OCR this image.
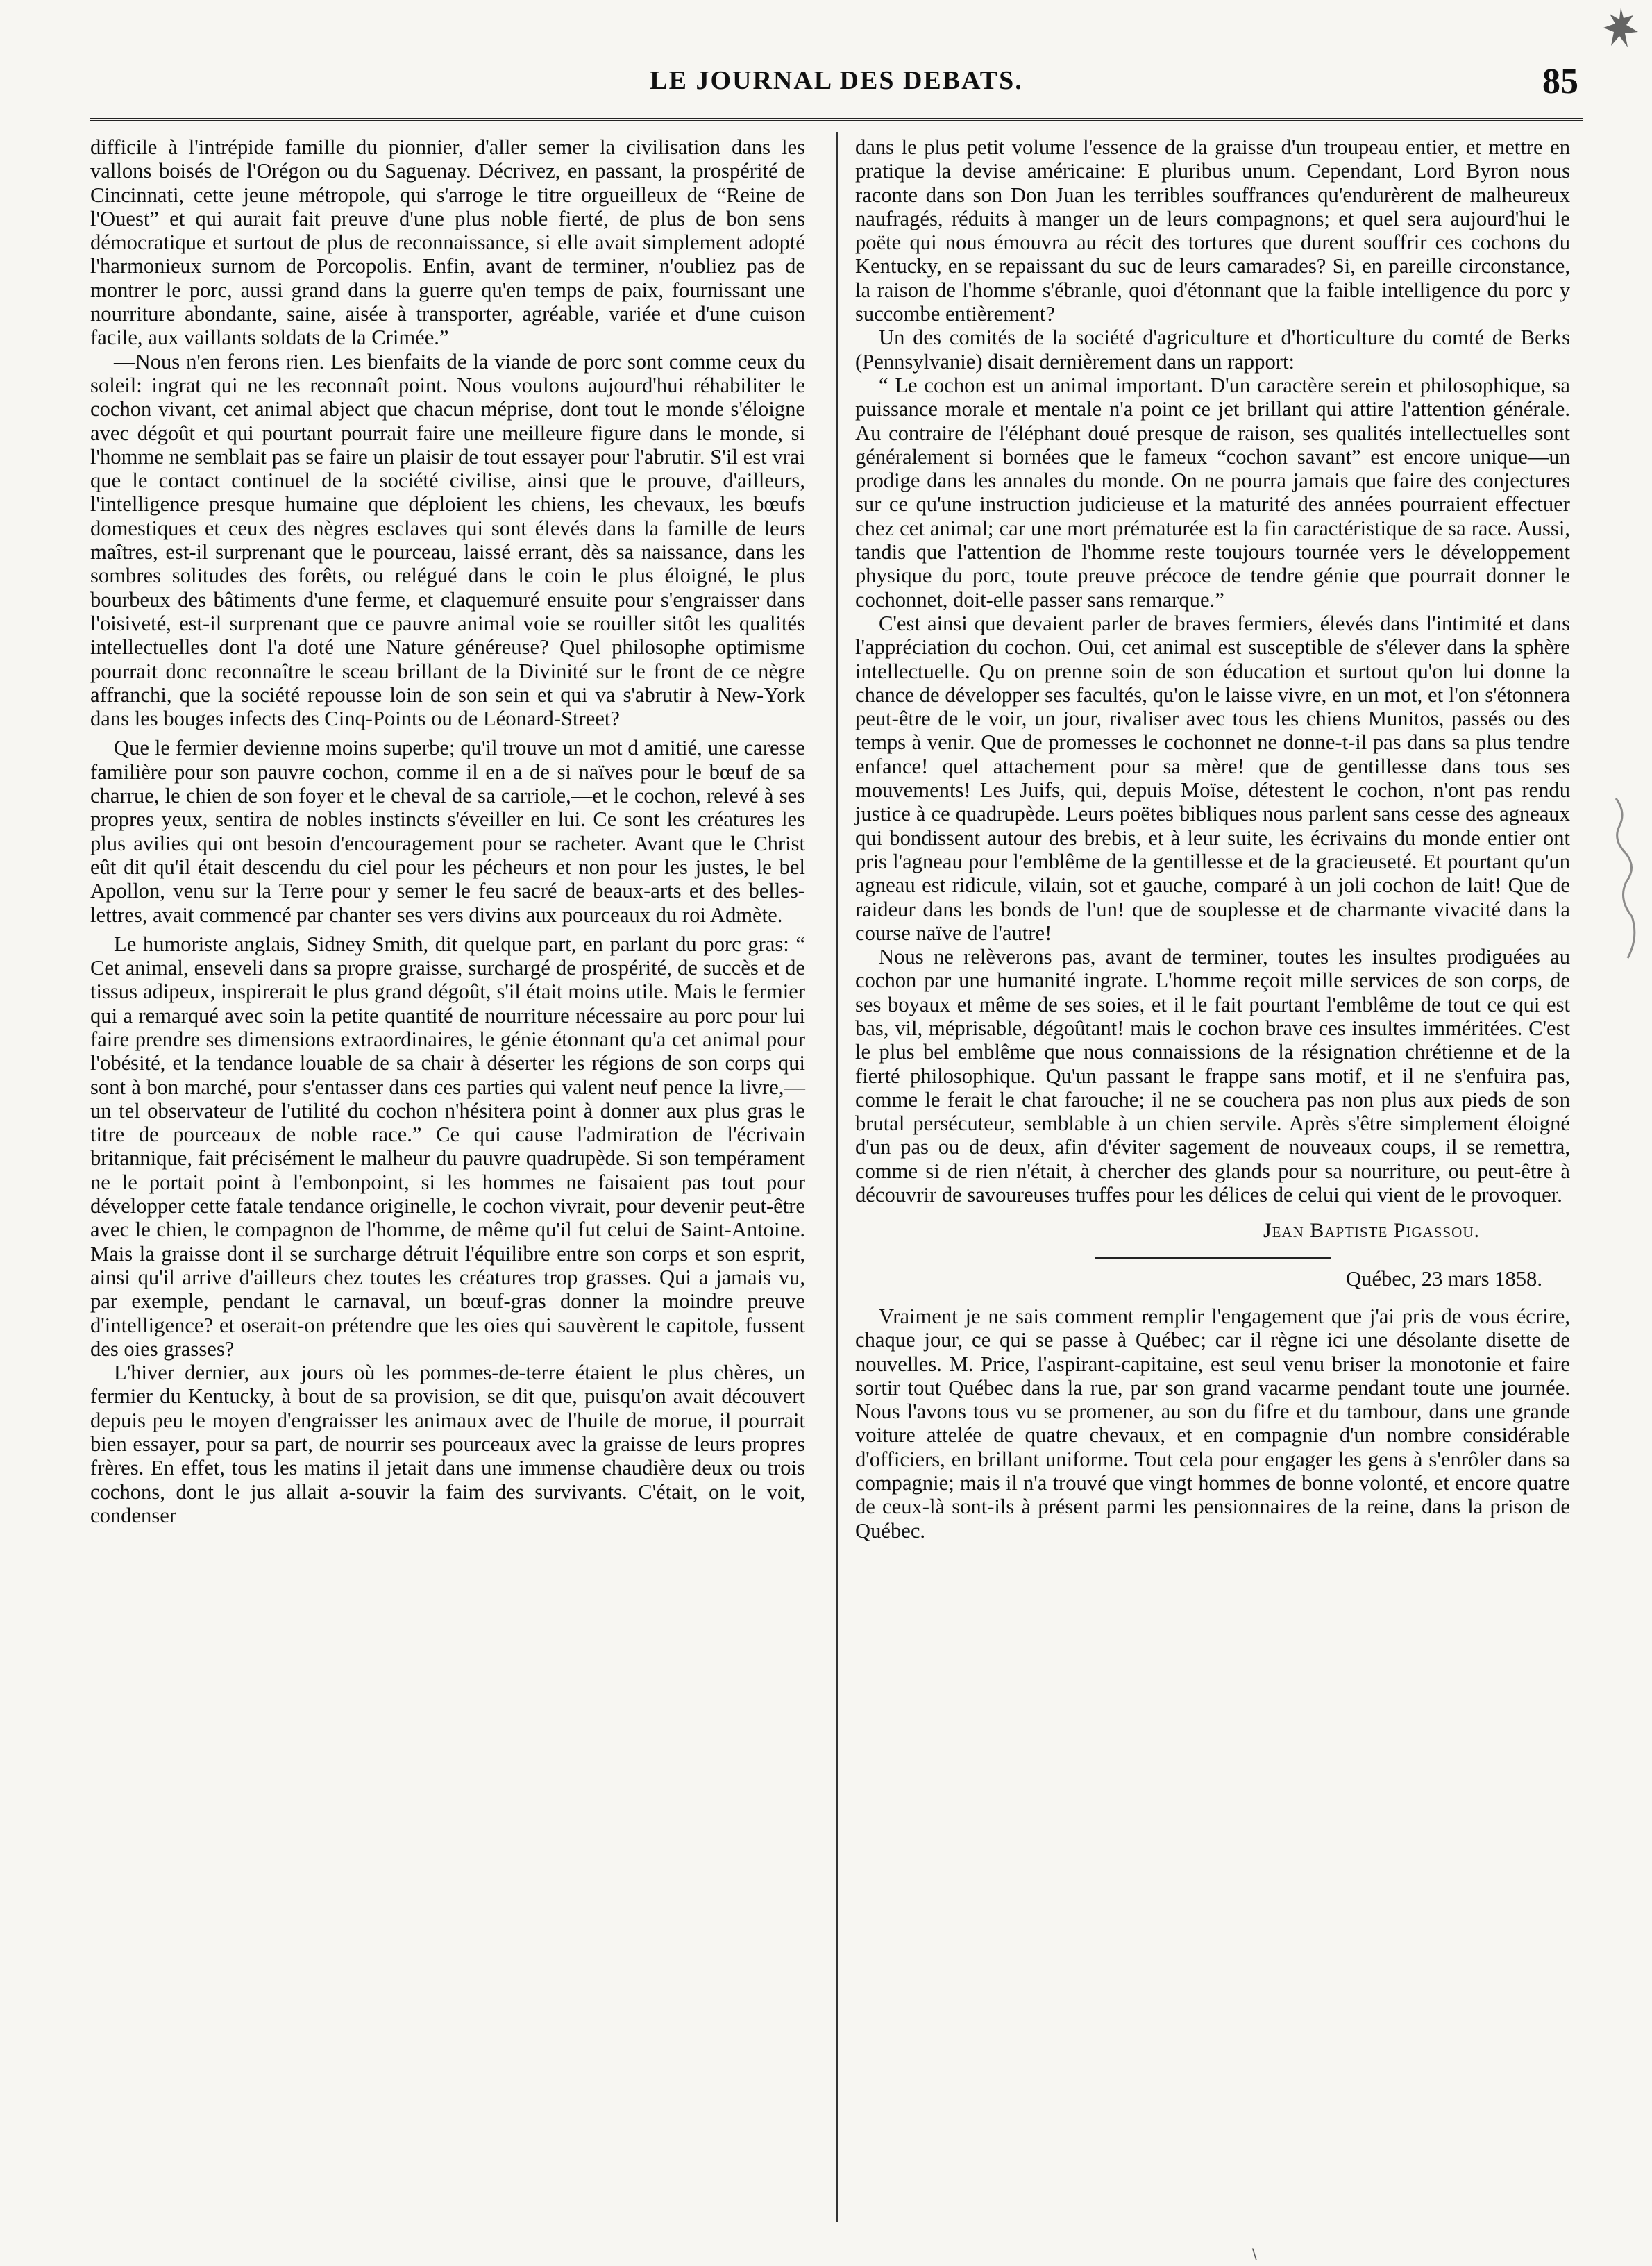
LE JOURNAL DES DEBATS.	85

difficile à l'intrépide famille du pionnier, d'aller semer la civilisation dans les vallons boisés de l'Orégon ou du Saguenay. Décrivez, en passant, la prospérité de Cincinnati, cette jeune métropole, qui s'arroge le titre orgueilleux de “Reine de l'Ouest” et qui aurait fait preuve d'une plus noble fierté, de plus de bon sens démocratique et surtout de plus de reconnaissance, si elle avait simplement adopté l'harmonieux surnom de Porcopolis. Enfin, avant de terminer, n'oubliez pas de montrer le porc, aussi grand dans la guerre qu'en temps de paix, fournissant une nourriture abondante, saine, aisée à transporter, agréable, variée et d'une cuison facile, aux vaillants soldats de la Crimée.”

—Nous n'en ferons rien. Les bienfaits de la viande de porc sont comme ceux du soleil: ingrat qui ne les reconnaît point. Nous voulons aujourd'hui réhabiliter le cochon vivant, cet animal abject que chacun méprise, dont tout le monde s'éloigne avec dégoût et qui pourtant pourrait faire une meilleure figure dans le monde, si l'homme ne semblait pas se faire un plaisir de tout essayer pour l'abrutir. S'il est vrai que le contact continuel de la société civilise, ainsi que le prouve, d'ailleurs, l'intelligence presque humaine que déploient les chiens, les chevaux, les bœufs domestiques et ceux des nègres esclaves qui sont élevés dans la famille de leurs maîtres, est-il surprenant que le pourceau, laissé errant, dès sa naissance, dans les sombres solitudes des forêts, ou relégué dans le coin le plus éloigné, le plus bourbeux des bâtiments d'une ferme, et claquemuré ensuite pour s'engraisser dans l'oisiveté, est-il surprenant que ce pauvre animal voie se rouiller sitôt les qualités intellectuelles dont l'a doté une Nature généreuse? Quel philosophe optimisme pourrait donc reconnaître le sceau brillant de la Divinité sur le front de ce nègre affranchi, que la société repousse loin de son sein et qui va s'abrutir à New-York dans les bouges infects des Cinq-Points ou de Léonard-Street?

Que le fermier devienne moins superbe; qu'il trouve un mot d amitié, une caresse familière pour son pauvre cochon, comme il en a de si naïves pour le bœuf de sa charrue, le chien de son foyer et le cheval de sa carriole,—et le cochon, relevé à ses propres yeux, sentira de nobles instincts s'éveiller en lui. Ce sont les créatures les plus avilies qui ont besoin d'encouragement pour se racheter. Avant que le Christ eût dit qu'il était descendu du ciel pour les pécheurs et non pour les justes, le bel Apollon, venu sur la Terre pour y semer le feu sacré de beaux-arts et des belles-lettres, avait commencé par chanter ses vers divins aux pourceaux du roi Admète.

Le humoriste anglais, Sidney Smith, dit quelque part, en parlant du porc gras: “ Cet animal, enseveli dans sa propre graisse, surchargé de prospérité, de succès et de tissus adipeux, inspirerait le plus grand dégoût, s'il était moins utile. Mais le fermier qui a remarqué avec soin la petite quantité de nourriture nécessaire au porc pour lui faire prendre ses dimensions extraordinaires, le génie étonnant qu'a cet animal pour l'obésité, et la tendance louable de sa chair à déserter les régions de son corps qui sont à bon marché, pour s'entasser dans ces parties qui valent neuf pence la livre,—un tel observateur de l'utilité du cochon n'hésitera point à donner aux plus gras le titre de pourceaux de noble race.” Ce qui cause l'admiration de l'écrivain britannique, fait précisément le malheur du pauvre quadrupède. Si son tempérament ne le portait point à l'embonpoint, si les hommes ne faisaient pas tout pour développer cette fatale tendance originelle, le cochon vivrait, pour devenir peut-être avec le chien, le compagnon de l'homme, de même qu'il fut celui de Saint-Antoine. Mais la graisse dont il se surcharge détruit l'équilibre entre son corps et son esprit, ainsi qu'il arrive d'ailleurs chez toutes les créatures trop grasses. Qui a jamais vu, par exemple, pendant le carnaval, un bœuf-gras donner la moindre preuve d'intelligence? et oserait-on prétendre que les oies qui sauvèrent le capitole, fussent des oies grasses?

L'hiver dernier, aux jours où les pommes-de-terre étaient le plus chères, un fermier du Kentucky, à bout de sa provision, se dit que, puisqu'on avait découvert depuis peu le moyen d'engraisser les animaux avec de l'huile de morue, il pourrait bien essayer, pour sa part, de nourrir ses pourceaux avec la graisse de leurs propres frères. En effet, tous les matins il jetait dans une immense chaudière deux ou trois cochons, dont le jus allait a-souvir la faim des survivants. C'était, on le voit, condenser

dans le plus petit volume l'essence de la graisse d'un troupeau entier, et mettre en pratique la devise américaine: E pluribus unum. Cependant, Lord Byron nous raconte dans son Don Juan les terribles souffrances qu'endurèrent de malheureux naufragés, réduits à manger un de leurs compagnons; et quel sera aujourd'hui le poëte qui nous émouvra au récit des tortures que durent souffrir ces cochons du Kentucky, en se repaissant du suc de leurs camarades? Si, en pareille circonstance, la raison de l'homme s'ébranle, quoi d'étonnant que la faible intelligence du porc y succombe entièrement?

Un des comités de la société d'agriculture et d'horticulture du comté de Berks (Pennsylvanie) disait dernièrement dans un rapport:

“ Le cochon est un animal important. D'un caractère serein et philosophique, sa puissance morale et mentale n'a point ce jet brillant qui attire l'attention générale. Au contraire de l'éléphant doué presque de raison, ses qualités intellectuelles sont généralement si bornées que le fameux “cochon savant” est encore unique—un prodige dans les annales du monde. On ne pourra jamais que faire des conjectures sur ce qu'une instruction judicieuse et la maturité des années pourraient effectuer chez cet animal; car une mort prématurée est la fin caractéristique de sa race. Aussi, tandis que l'attention de l'homme reste toujours tournée vers le développement physique du porc, toute preuve précoce de tendre génie que pourrait donner le cochonnet, doit-elle passer sans remarque.”

C'est ainsi que devaient parler de braves fermiers, élevés dans l'intimité et dans l'appréciation du cochon. Oui, cet animal est susceptible de s'élever dans la sphère intellectuelle. Qu on prenne soin de son éducation et surtout qu'on lui donne la chance de développer ses facultés, qu'on le laisse vivre, en un mot, et l'on s'étonnera peut-être de le voir, un jour, rivaliser avec tous les chiens Munitos, passés ou des temps à venir. Que de promesses le cochonnet ne donne-t-il pas dans sa plus tendre enfance! quel attachement pour sa mère! que de gentillesse dans tous ses mouvements! Les Juifs, qui, depuis Moïse, détestent le cochon, n'ont pas rendu justice à ce quadrupède. Leurs poëtes bibliques nous parlent sans cesse des agneaux qui bondissent autour des brebis, et à leur suite, les écrivains du monde entier ont pris l'agneau pour l'emblême de la gentillesse et de la gracieuseté. Et pourtant qu'un agneau est ridicule, vilain, sot et gauche, comparé à un joli cochon de lait! Que de raideur dans les bonds de l'un! que de souplesse et de charmante vivacité dans la course naïve de l'autre!

Nous ne relèverons pas, avant de terminer, toutes les insultes prodiguées au cochon par une humanité ingrate. L'homme reçoit mille services de son corps, de ses boyaux et même de ses soies, et il le fait pourtant l'emblême de tout ce qui est bas, vil, méprisable, dégoûtant! mais le cochon brave ces insultes imméritées. C'est le plus bel emblême que nous connaissions de la résignation chrétienne et de la fierté philosophique. Qu'un passant le frappe sans motif, et il ne s'enfuira pas, comme le ferait le chat farouche; il ne se couchera pas non plus aux pieds de son brutal persécuteur, semblable à un chien servile. Après s'être simplement éloigné d'un pas ou de deux, afin d'éviter sagement de nouveaux coups, il se remettra, comme si de rien n'était, à chercher des glands pour sa nourriture, ou peut-être à découvrir de savoureuses truffes pour les délices de celui qui vient de le provoquer.

Jean Baptiste Pigassou.
Québec, 23 mars 1858.

Vraiment je ne sais comment remplir l'engagement que j'ai pris de vous écrire, chaque jour, ce qui se passe à Québec; car il règne ici une désolante disette de nouvelles. M. Price, l'aspirant-capitaine, est seul venu briser la monotonie et faire sortir tout Québec dans la rue, par son grand vacarme pendant toute une journée. Nous l'avons tous vu se promener, au son du fifre et du tambour, dans une grande voiture attelée de quatre chevaux, et en compagnie d'un nombre considérable d'officiers, en brillant uniforme. Tout cela pour engager les gens à s'enrôler dans sa compagnie; mais il n'a trouvé que vingt hommes de bonne volonté, et encore quatre de ceux-là sont-ils à présent parmi les pensionnaires de la reine, dans la prison de Québec.

∖
